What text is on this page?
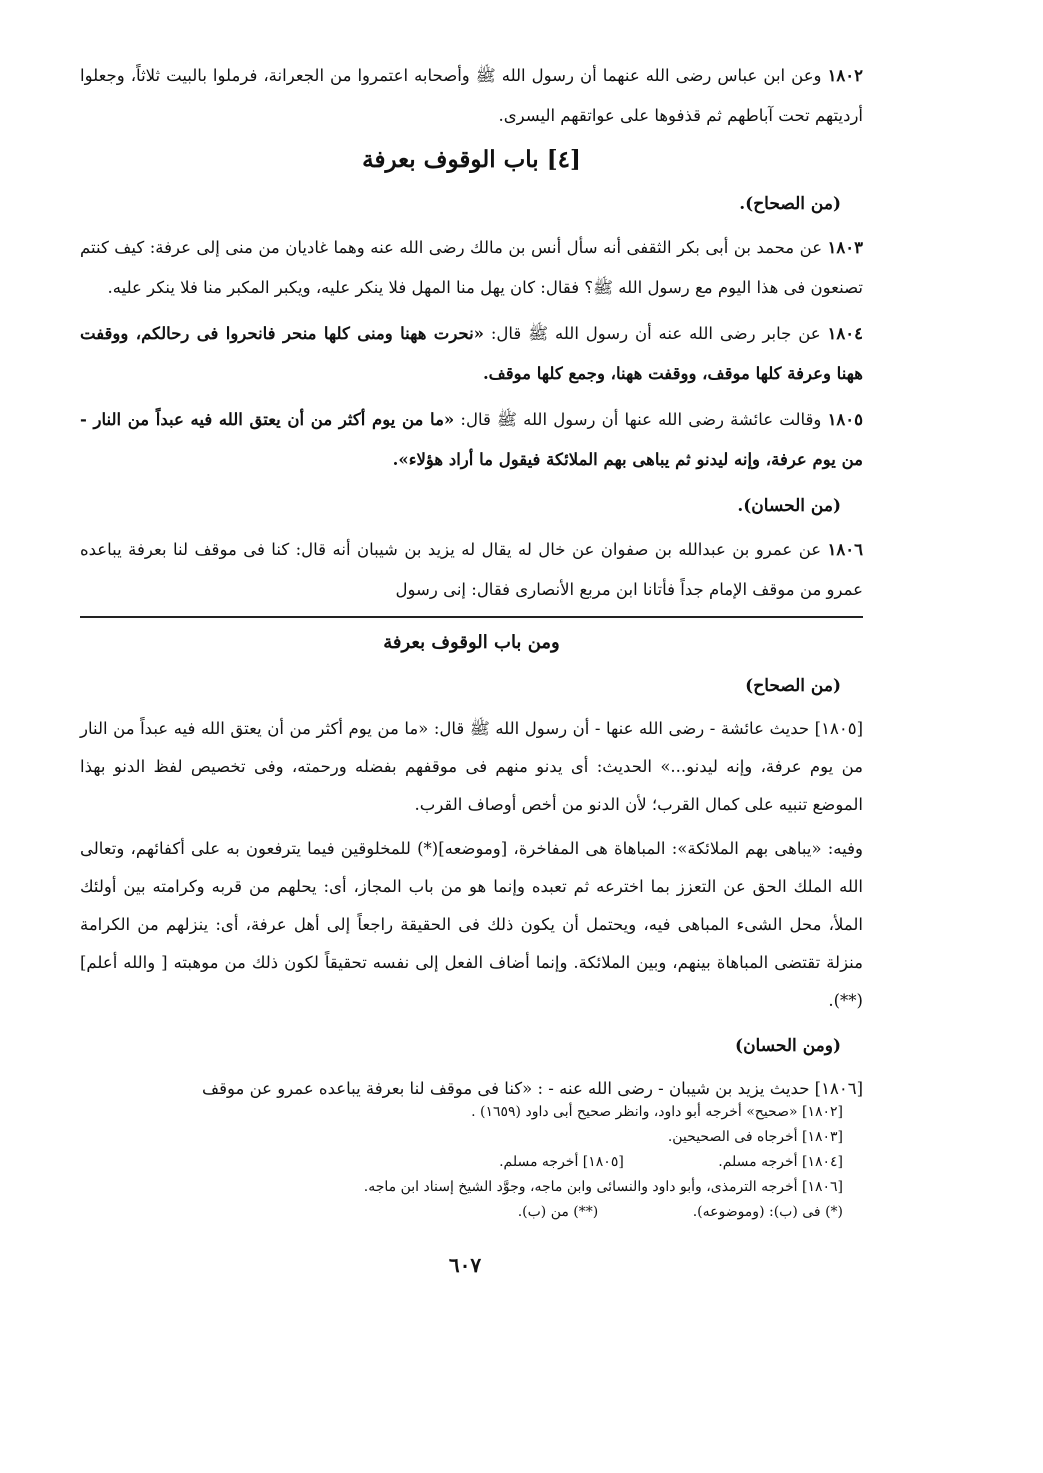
١٨٠٢ وعن ابن عباس رضى الله عنهما أن رسول الله ﷺ وأصحابه اعتمروا من الجعرانة، فرملوا بالبيت ثلاثاً، وجعلوا أرديتهم تحت آباطهم ثم قذفوها على عواتقهم اليسرى.

[٤] باب الوقوف بعرفة
(من الصحاح).

١٨٠٣ عن محمد بن أبى بكر الثقفى أنه سأل أنس بن مالك رضى الله عنه وهما غاديان من منى إلى عرفة: كيف كنتم تصنعون فى هذا اليوم مع رسول الله ﷺ؟ فقال: كان يهل منا المهل فلا ينكر عليه، ويكبر المكبر منا فلا ينكر عليه.

١٨٠٤ عن جابر رضى الله عنه أن رسول الله ﷺ قال: «نحرت ههنا ومنى كلها منحر فانحروا فى رحالكم، ووقفت ههنا وعرفة كلها موقف، ووقفت ههنا، وجمع كلها موقف.

١٨٠٥ وقالت عائشة رضى الله عنها أن رسول الله ﷺ قال: «ما من يوم أكثر من أن يعتق الله فيه عبداً من النار - من يوم عرفة، وإنه ليدنو ثم يباهى بهم الملائكة فيقول ما أراد هؤلاء».

(من الحسان).

١٨٠٦ عن عمرو بن عبدالله بن صفوان عن خال له يقال له يزيد بن شيبان أنه قال: كنا فى موقف لنا بعرفة يباعده عمرو من موقف الإمام جداً فأتانا ابن مربع الأنصارى فقال: إنى رسول

ومن باب الوقوف بعرفة
(من الصحاح)

[١٨٠٥] حديث عائشة - رضى الله عنها - أن رسول الله ﷺ قال: «ما من يوم أكثر من أن يعتق الله فيه عبداً من النار من يوم عرفة، وإنه ليدنو...» الحديث: أى يدنو منهم فى موقفهم بفضله ورحمته، وفى تخصيص لفظ الدنو بهذا الموضع تنبيه على كمال القرب؛ لأن الدنو من أخص أوصاف القرب.

وفيه: «يباهى بهم الملائكة»: المباهاة هى المفاخرة، [وموضعه](*) للمخلوقين فيما يترفعون به على أكفائهم، وتعالى الله الملك الحق عن التعزز بما اخترعه ثم تعبده وإنما هو من باب المجاز، أى: يحلهم من قربه وكرامته بين أولئك الملأ، محل الشىء المباهى فيه، ويحتمل أن يكون ذلك فى الحقيقة راجعاً إلى أهل عرفة، أى: ينزلهم من الكرامة منزلة تقتضى المباهاة بينهم، وبين الملائكة. وإنما أضاف الفعل إلى نفسه تحقيقاً لكون ذلك من موهبته [ والله أعلم](**).

(ومن الحسان)

[١٨٠٦] حديث يزيد بن شيبان - رضى الله عنه - : «كنا فى موقف لنا بعرفة يباعده عمرو عن موقف

[١٨٠٢] «صحيح» أخرجه أبو داود، وانظر صحيح أبى داود (١٦٥٩) .

[١٨٠٣] أخرجاه فى الصحيحين.

[١٨٠٤] أخرجه مسلم. [١٨٠٥] أخرجه مسلم.

[١٨٠٦] أخرجه الترمذى، وأبو داود والنسائى وابن ماجه، وجوَّد الشيخ إسناد ابن ماجه.

(*) فى (ب): (وموضوعه). (**) من (ب).

٦٠٧
